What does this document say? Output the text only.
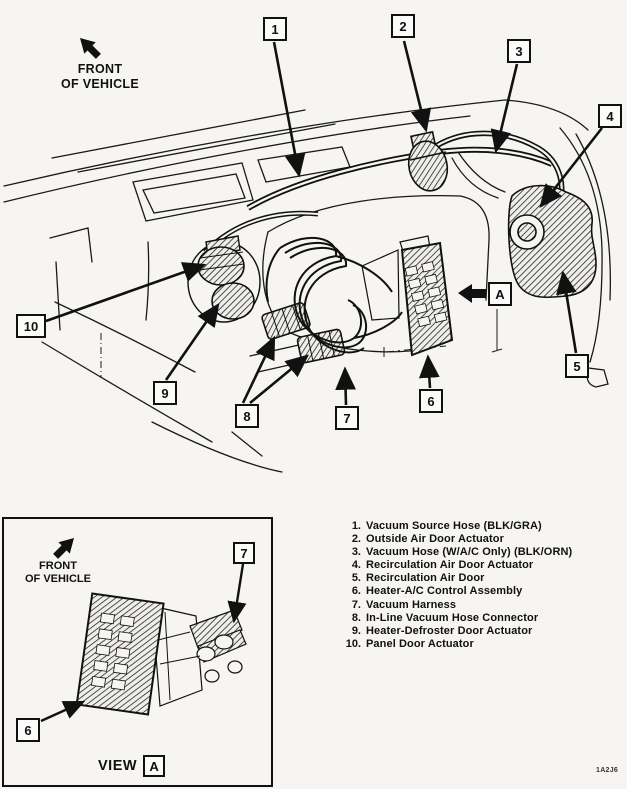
FRONT
OF VEHICLE
1	2
3
4
5
6
7
8
9
10
A
FRONT
OF VEHICLE
7
6
VIEW A
1. Vacuum Source Hose (BLK/GRA)
2. Outside Air Door Actuator
3. Vacuum Hose (W/A/C Only) (BLK/ORN)
4. Recirculation Air Door Actuator
5. Recirculation Air Door
6. Heater-A/C Control Assembly
7. Vacuum Harness
8. In-Line Vacuum Hose Connector
9. Heater-Defroster Door Actuator
10. Panel Door Actuator
1A2J6
